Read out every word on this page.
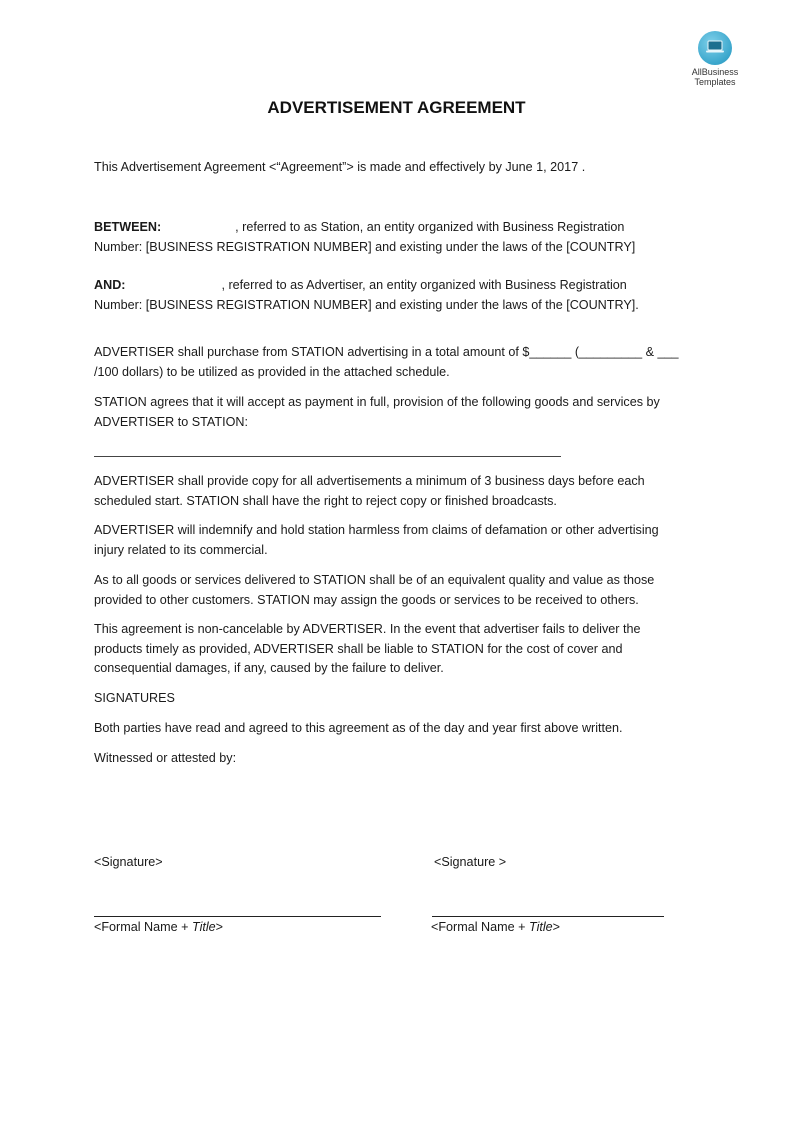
AllBusiness
Templates
ADVERTISEMENT AGREEMENT

This Advertisement Agreement <“Agreement”> is made and effectively by June 1, 2017 .

BETWEEN:	, referred to as Station, an entity organized with Business Registration
Number: [BUSINESS REGISTRATION NUMBER] and existing under the laws of the [COUNTRY]
AND:	, referred to as Advertiser, an entity organized with Business Registration
Number: [BUSINESS REGISTRATION NUMBER] and existing under the laws of the [COUNTRY].
ADVERTISER shall purchase from STATION advertising in a total amount of $______ (_________ & ___
/100 dollars) to be utilized as provided in the attached schedule.
STATION agrees that it will accept as payment in full, provision of the following goods and services by
ADVERTISER to STATION:
ADVERTISER shall provide copy for all advertisements a minimum of 3 business days before each
scheduled start. STATION shall have the right to reject copy or finished broadcasts.
ADVERTISER will indemnify and hold station harmless from claims of defamation or other advertising
injury related to its commercial.
As to all goods or services delivered to STATION shall be of an equivalent quality and value as those
provided to other customers. STATION may assign the goods or services to be received to others.
This agreement is non-cancelable by ADVERTISER. In the event that advertiser fails to deliver the
products timely as provided, ADVERTISER shall be liable to STATION for the cost of cover and
consequential damages, if any, caused by the failure to deliver.

SIGNATURES

Both parties have read and agreed to this agreement as of the day and year first above written.

Witnessed or attested by:

<Signature>	<Signature >
<Formal Name + Title>	<Formal Name + Title>
